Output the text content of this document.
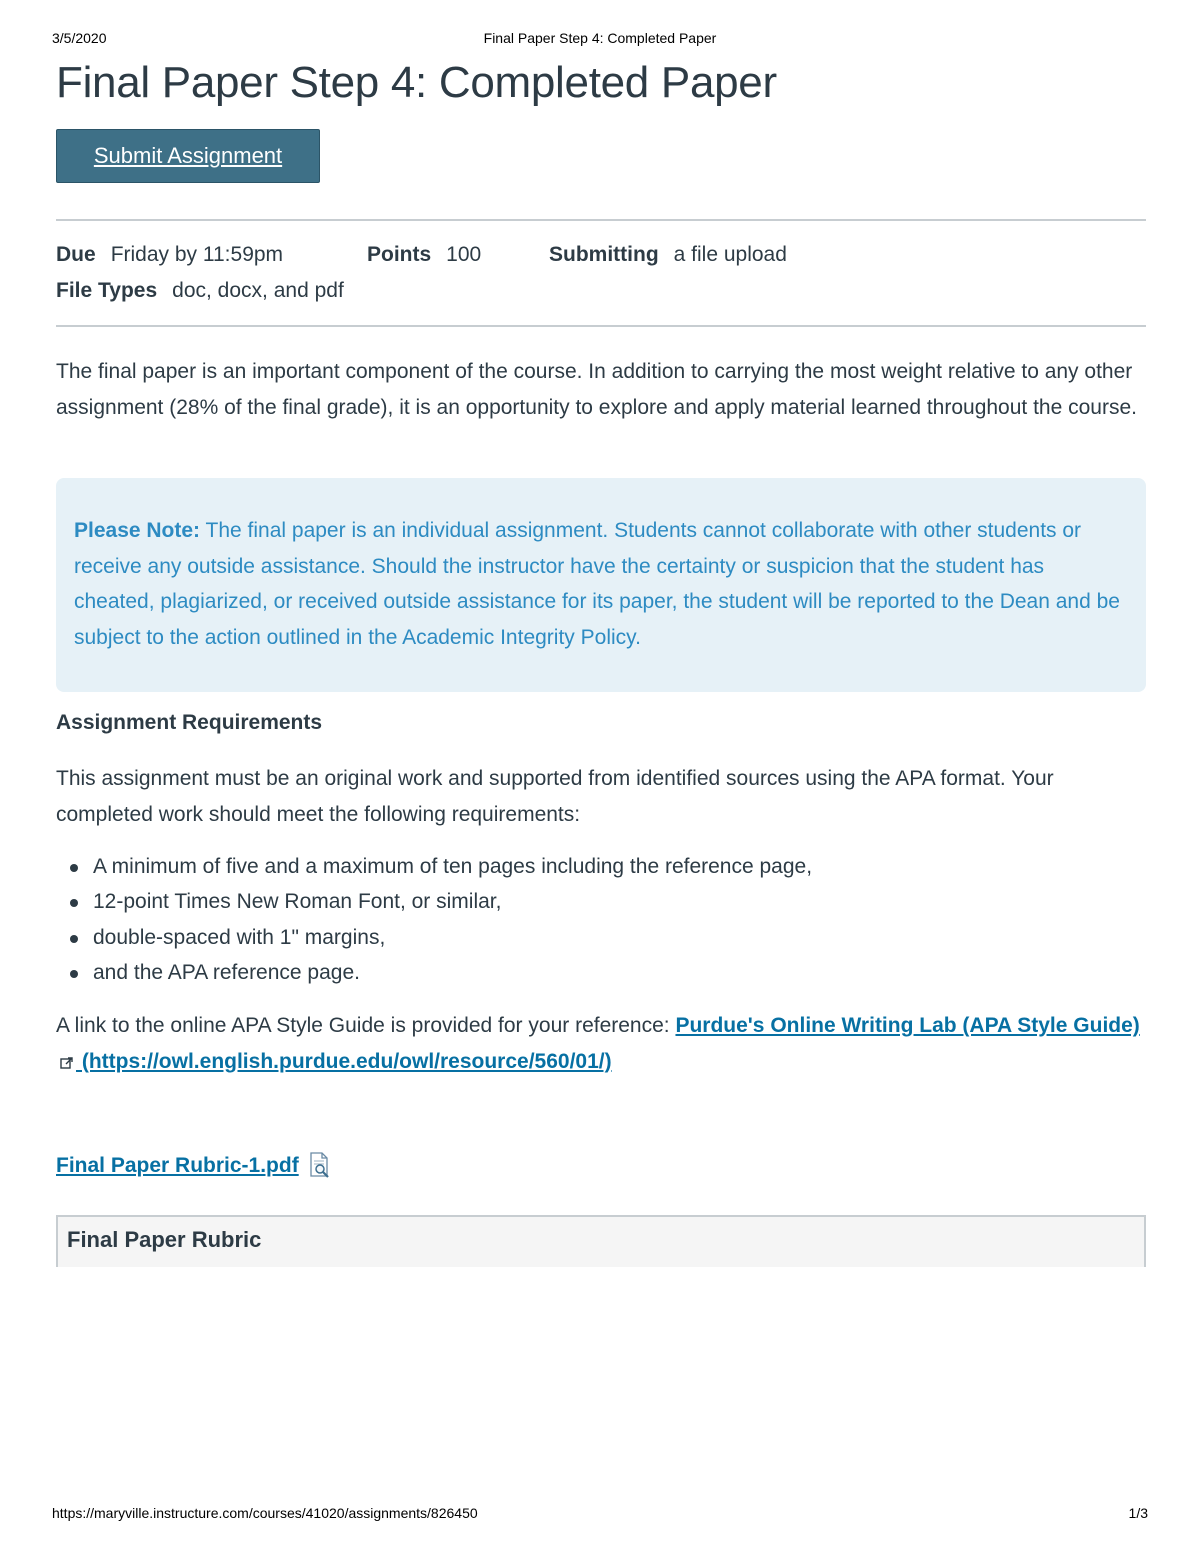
3/5/2020	Final Paper Step 4: Completed Paper
Final Paper Step 4: Completed Paper
Submit Assignment
Due Friday by 11:59pm	Points 100	Submitting a file upload
File Types doc, docx, and pdf

The final paper is an important component of the course. In addition to carrying the most weight relative to any other assignment (28% of the final grade), it is an opportunity to explore and apply material learned throughout the course.

Please Note: The final paper is an individual assignment. Students cannot collaborate with other students or receive any outside assistance. Should the instructor have the certainty or suspicion that the student has cheated, plagiarized, or received outside assistance for its paper, the student will be reported to the Dean and be subject to the action outlined in the Academic Integrity Policy.

Assignment Requirements

This assignment must be an original work and supported from identified sources using the APA format. Your completed work should meet the following requirements:

A minimum of five and a maximum of ten pages including the reference page,
12-point Times New Roman Font, or similar,
double-spaced with 1" margins,
and the APA reference page.

A link to the online APA Style Guide is provided for your reference: Purdue's Online Writing Lab (APA Style Guide) (https://owl.english.purdue.edu/owl/resource/560/01/)

Final Paper Rubric-1.pdf
Final Paper Rubric
https://maryville.instructure.com/courses/41020/assignments/826450	1/3
